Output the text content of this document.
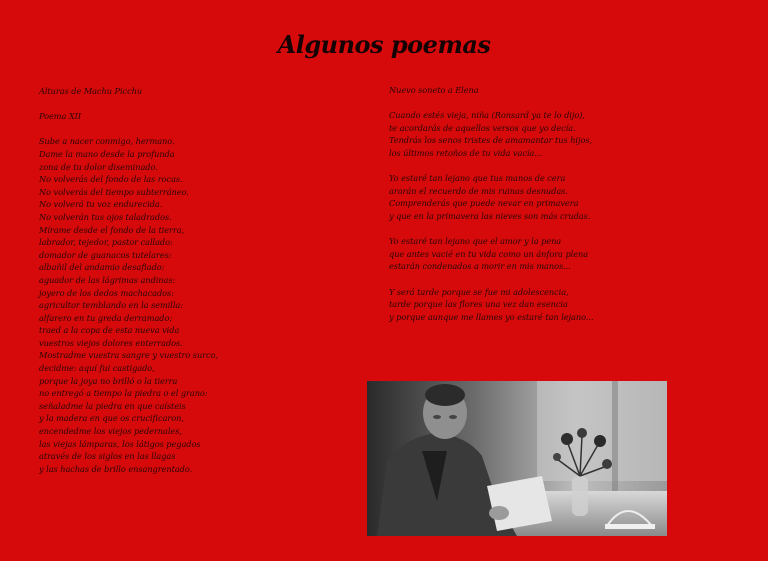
Algunos poemas
Alturas de Machu Picchu
Poema XII
Sube a nacer conmigo, hermano.
Dame la mano desde la profunda
zona de tu dolor diseminado.
No volverás del fondo de las rocas.
No volverás del tiempo subterráneo.
No volverá tu voz endurecida.
No volverán tus ojos taladrados.
Mírame desde el fondo de la tierra,
labrador, tejedor, pastor callado:
domador de guanacos tutelares:
albañil del andamio desafiado:
aguador de las lágrimas andinas:
joyero de los dedos machacados:
agricultor temblando en la semilla:
alfarero en tu greda derramado:
traed a la copa de esta nueva vida
vuestros viejos dolores enterrados.
Mostradme vuestra sangre y vuestro surco,
decidme: aquí fui castigado,
porque la joya no brilló o la tierra
no entregó a tiempo la piedra o el grano:
señaladme la piedra en que caísteis
y la madera en que os crucificaron,
encendedme los viejos pedernales,
las viejas lámparas, los látigos pegados
através de los siglos en las llagas
y las hachas de brillo ensangrentado.
Nuevo soneto a Elena
Cuando estés vieja, niña (Ronsard ya te lo dijo),
te acordarás de aquellos versos que yo decía.
Tendrás los senos tristes de amamantar tus hijos,
los últimos retoños de tu vida vacía...
Yo estaré tan lejano que tus manos de cera
ararán el recuerdo de mis ruinas desnudas.
Comprenderás que puede nevar en primavera
y que en la primavera las nieves son más crudas.
Yo estaré tan lejano que el amor y la pena
que antes vacié en tu vida como un ánfora plena
estarán condenados a morir en mis manos...
Y será tarde porque se fue mi adolescencia,
tarde porque las flores una vez dan esencia
y porque aunque me llames yo estaré tan lejano...
